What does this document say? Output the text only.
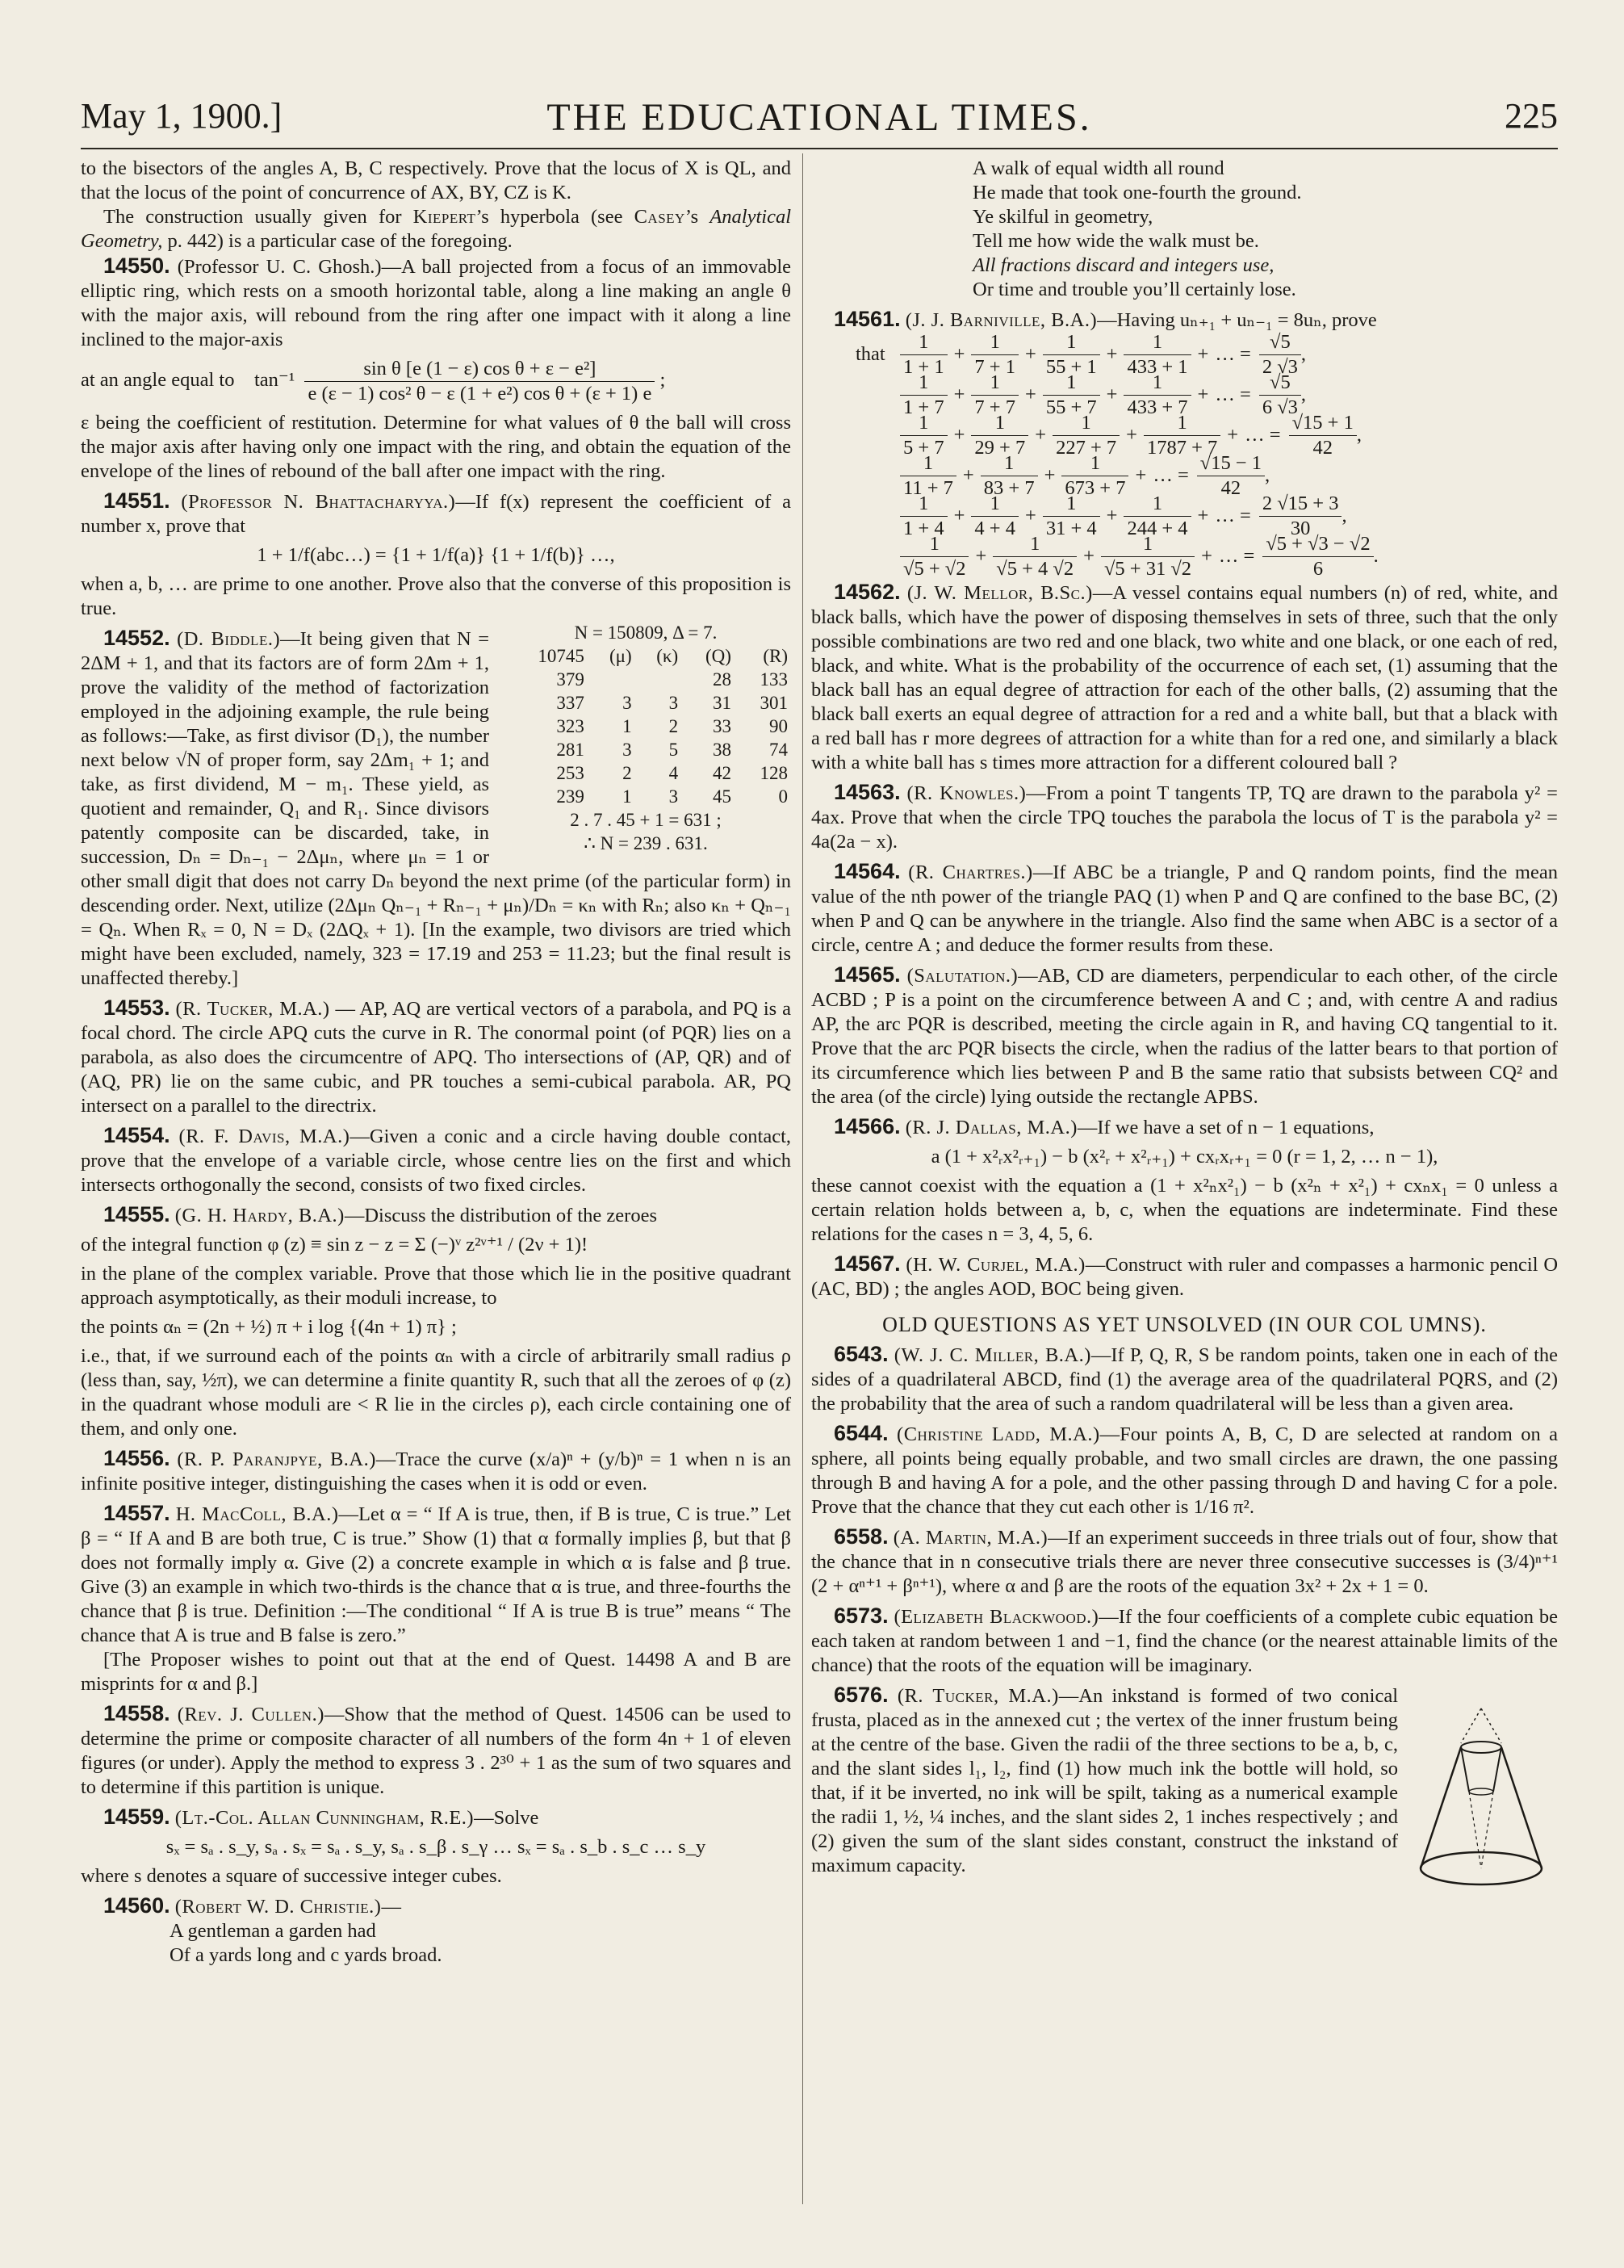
May 1, 1900.]	THE EDUCATIONAL TIMES.	225

to the bisectors of the angles A, B, C respectively. Prove that the locus of X is QL, and that the locus of the point of concurrence of AX, BY, CZ is K.

The construction usually given for Kiepert’s hyperbola (see Casey’s Analytical Geometry, p. 442) is a particular case of the foregoing.

14550. (Professor U. C. Ghosh.)—A ball projected from a focus of an immovable elliptic ring, which rests on a smooth horizontal table, along a line making an angle θ with the major axis, will rebound from the ring after one impact with it along a line inclined to the major-axis

at an angle equal to $\tan^{-1} \frac{\text{sin θ [e (1 − ε) cos θ + ε − e²]}}{\text{e (ε − 1) cos² θ − ε (1 + e²) cos θ + (ε + 1) e}}$ ;

ε being the coefficient of restitution. Determine for what values of θ the ball will cross the major axis after having only one impact with the ring, and obtain the equation of the envelope of the lines of rebound of the ball after one impact with the ring.

14551. (Professor N. Bhattacharyya.)—If f(x) represent the coefficient of a number x, prove that

1 + 1/f(abc…) = {1 + 1/f(a)} {1 + 1/f(b)} …,

when a, b, … are prime to one another. Prove also that the converse of this proposition is true.

N = 150809, Δ = 7.
10745	(μ)	(κ)	(Q)	(R)
379			28	133
337	3	3	31	301
323	1	2	33	90
281	3	5	38	74
253	2	4	42	128
239	1	3	45	0
2 . 7 . 45 + 1 = 631 ;
∴ N = 239 . 631.

14552. (D. Biddle.)—It being given that N = 2ΔM + 1, and that its factors are of form 2Δm + 1, prove the validity of the method of factorization employed in the adjoining example, the rule being as follows:—Take, as first divisor (D₁), the number next below √N of proper form, say 2Δm₁ + 1; and take, as first dividend, M − m₁. These yield, as quotient and remainder, Q₁ and R₁. Since divisors patently composite can be discarded, take, in succession, Dₙ = Dₙ₋₁ − 2Δμₙ, where μₙ = 1 or other small digit that does not carry Dₙ beyond the next prime (of the particular form) in descending order. Next, utilize (2Δμₙ Qₙ₋₁ + Rₙ₋₁ + μₙ)/Dₙ = κₙ with Rₙ; also κₙ + Qₙ₋₁ = Qₙ. When Rₓ = 0, N = Dₓ (2ΔQₓ + 1). [In the example, two divisors are tried which might have been excluded, namely, 323 = 17.19 and 253 = 11.23; but the final result is unaffected thereby.]

14553. (R. Tucker, M.A.) — AP, AQ are vertical vectors of a parabola, and PQ is a focal chord. The circle APQ cuts the curve in R. The conormal point (of PQR) lies on a parabola, as also does the circumcentre of APQ. Tho intersections of (AP, QR) and of (AQ, PR) lie on the same cubic, and PR touches a semi-cubical parabola. AR, PQ intersect on a parallel to the directrix.

14554. (R. F. Davis, M.A.)—Given a conic and a circle having double contact, prove that the envelope of a variable circle, whose centre lies on the first and which intersects orthogonally the second, consists of two fixed circles.

14555. (G. H. Hardy, B.A.)—Discuss the distribution of the zeroes

of the integral function φ (z) ≡ sin z − z = Σ (−)ᵛ z²ᵛ⁺¹ / (2ν + 1)!

in the plane of the complex variable. Prove that those which lie in the positive quadrant approach asymptotically, as their moduli increase, to

the points αₙ = (2n + ½) π + i log {(4n + 1) π} ;

i.e., that, if we surround each of the points αₙ with a circle of arbitrarily small radius ρ (less than, say, ½π), we can determine a finite quantity R, such that all the zeroes of φ (z) in the quadrant whose moduli are < R lie in the circles ρ), each circle containing one of them, and only one.

14556. (R. P. Paranjpye, B.A.)—Trace the curve (x/a)ⁿ + (y/b)ⁿ = 1 when n is an infinite positive integer, distinguishing the cases when it is odd or even.

14557. H. MacColl, B.A.)—Let α = “ If A is true, then, if B is true, C is true.” Let β = “ If A and B are both true, C is true.” Show (1) that α formally implies β, but that β does not formally imply α. Give (2) a concrete example in which α is false and β true. Give (3) an example in which two-thirds is the chance that α is true, and three-fourths the chance that β is true. Definition :—The conditional “ If A is true B is true” means “ The chance that A is true and B false is zero.”

[The Proposer wishes to point out that at the end of Quest. 14498 A and B are misprints for α and β.]

14558. (Rev. J. Cullen.)—Show that the method of Quest. 14506 can be used to determine the prime or composite character of all numbers of the form 4n + 1 of eleven figures (or under). Apply the method to express 3 . 2³⁰ + 1 as the sum of two squares and to determine if this partition is unique.

14559. (Lt.-Col. Allan Cunningham, R.E.)—Solve

sₓ = sₐ . s_y, sₐ . sₓ = sₐ . s_y, sₐ . s_β . s_γ … sₓ = sₐ . s_b . s_c … s_y

where s denotes a square of successive integer cubes.

14560. (Robert W. D. Christie.)—

A gentleman a garden had
Of a yards long and c yards broad.
A walk of equal width all round
He made that took one-fourth the ground.
Ye skilful in geometry,
Tell me how wide the walk must be.
All fractions discard and integers use,
Or time and trouble you’ll certainly lose.

14561. (J. J. Barniville, B.A.)—Having uₙ₊₁ + uₙ₋₁ = 8uₙ, prove

that $\frac{1}{1 + 1} + \frac{1}{7 + 1} + \frac{1}{55 + 1} + \frac{1}{433 + 1}$ + … = $\frac{√5}{2 √3}$ ,
$\frac{1}{1 + 7} + \frac{1}{7 + 7} + \frac{1}{55 + 7} + \frac{1}{433 + 7}$ + … = $\frac{√5}{6 √3}$ ,
$\frac{1}{5 + 7} + \frac{1}{29 + 7} + \frac{1}{227 + 7} + \frac{1}{1787 + 7}$ + … = $\frac{√15 + 1}{42}$ ,
$\frac{1}{11 + 7} + \frac{1}{83 + 7} + \frac{1}{673 + 7}$ + … = $\frac{√15 - 1}{42}$ ,
$\frac{1}{1 + 4} + \frac{1}{4 + 4} + \frac{1}{31 + 4} + \frac{1}{244 + 4}$ + … = $\frac{2 √15 + 3}{30}$ ,
$\frac{1}{√5 + √2} + \frac{1}{√5 + 4 √2} + \frac{1}{√5 + 31 √2}$ + … = $\frac{√5 + √3 - √2}{6}$ .

14562. (J. W. Mellor, B.Sc.)—A vessel contains equal numbers (n) of red, white, and black balls, which have the power of disposing themselves in sets of three, such that the only possible combinations are two red and one black, two white and one black, or one each of red, black, and white. What is the probability of the occurrence of each set, (1) assuming that the black ball has an equal degree of attraction for each of the other balls, (2) assuming that the black ball exerts an equal degree of attraction for a red and a white ball, but that a black with a red ball has r more degrees of attraction for a white than for a red one, and similarly a black with a white ball has s times more attraction for a different coloured ball ?

14563. (R. Knowles.)—From a point T tangents TP, TQ are drawn to the parabola y² = 4ax. Prove that when the circle TPQ touches the parabola the locus of T is the parabola y² = 4a(2a − x).

14564. (R. Chartres.)—If ABC be a triangle, P and Q random points, find the mean value of the nth power of the triangle PAQ (1) when P and Q are confined to the base BC, (2) when P and Q can be anywhere in the triangle. Also find the same when ABC is a sector of a circle, centre A ; and deduce the former results from these.

14565. (Salutation.)—AB, CD are diameters, perpendicular to each other, of the circle ACBD ; P is a point on the circumference between A and C ; and, with centre A and radius AP, the arc PQR is described, meeting the circle again in R, and having CQ tangential to it. Prove that the arc PQR bisects the circle, when the radius of the latter bears to that portion of its circumference which lies between P and B the same ratio that subsists between CQ² and the area (of the circle) lying outside the rectangle APBS.

14566. (R. J. Dallas, M.A.)—If we have a set of n − 1 equations,

a (1 + x²ᵣx²ᵣ₊₁) − b (x²ᵣ + x²ᵣ₊₁) + cxᵣxᵣ₊₁ = 0 (r = 1, 2, … n − 1),

these cannot coexist with the equation a (1 + x²ₙx²₁) − b (x²ₙ + x²₁) + cxₙx₁ = 0 unless a certain relation holds between a, b, c, when the equations are indeterminate. Find these relations for the cases n = 3, 4, 5, 6.

14567. (H. W. Curjel, M.A.)—Construct with ruler and compasses a harmonic pencil O (AC, BD) ; the angles AOD, BOC being given.

OLD QUESTIONS AS YET UNSOLVED (IN OUR COL UMNS).

6543. (W. J. C. Miller, B.A.)—If P, Q, R, S be random points, taken one in each of the sides of a quadrilateral ABCD, find (1) the average area of the quadrilateral PQRS, and (2) the probability that the area of such a random quadrilateral will be less than a given area.

6544. (Christine Ladd, M.A.)—Four points A, B, C, D are selected at random on a sphere, all points being equally probable, and two small circles are drawn, the one passing through B and having A for a pole, and the other passing through D and having C for a pole. Prove that the chance that they cut each other is 1/16 π².

6558. (A. Martin, M.A.)—If an experiment succeeds in three trials out of four, show that the chance that in n consecutive trials there are never three consecutive successes is (3/4)ⁿ⁺¹ (2 + αⁿ⁺¹ + βⁿ⁺¹), where α and β are the roots of the equation 3x² + 2x + 1 = 0.

6573. (Elizabeth Blackwood.)—If the four coefficients of a complete cubic equation be each taken at random between 1 and −1, find the chance (or the nearest attainable limits of the chance) that the roots of the equation will be imaginary.

6576. (R. Tucker, M.A.)—An inkstand is formed of two conical frusta, placed as in the annexed cut ; the vertex of the inner frustum being at the centre of the base. Given the radii of the three sections to be a, b, c, and the slant sides l₁, l₂, find (1) how much ink the bottle will hold, so that, if it be inverted, no ink will be spilt, taking as a numerical example the radii 1, ½, ¼ inches, and the slant sides 2, 1 inches respectively ; and (2) given the sum of the slant sides constant, construct the inkstand of maximum capacity.
